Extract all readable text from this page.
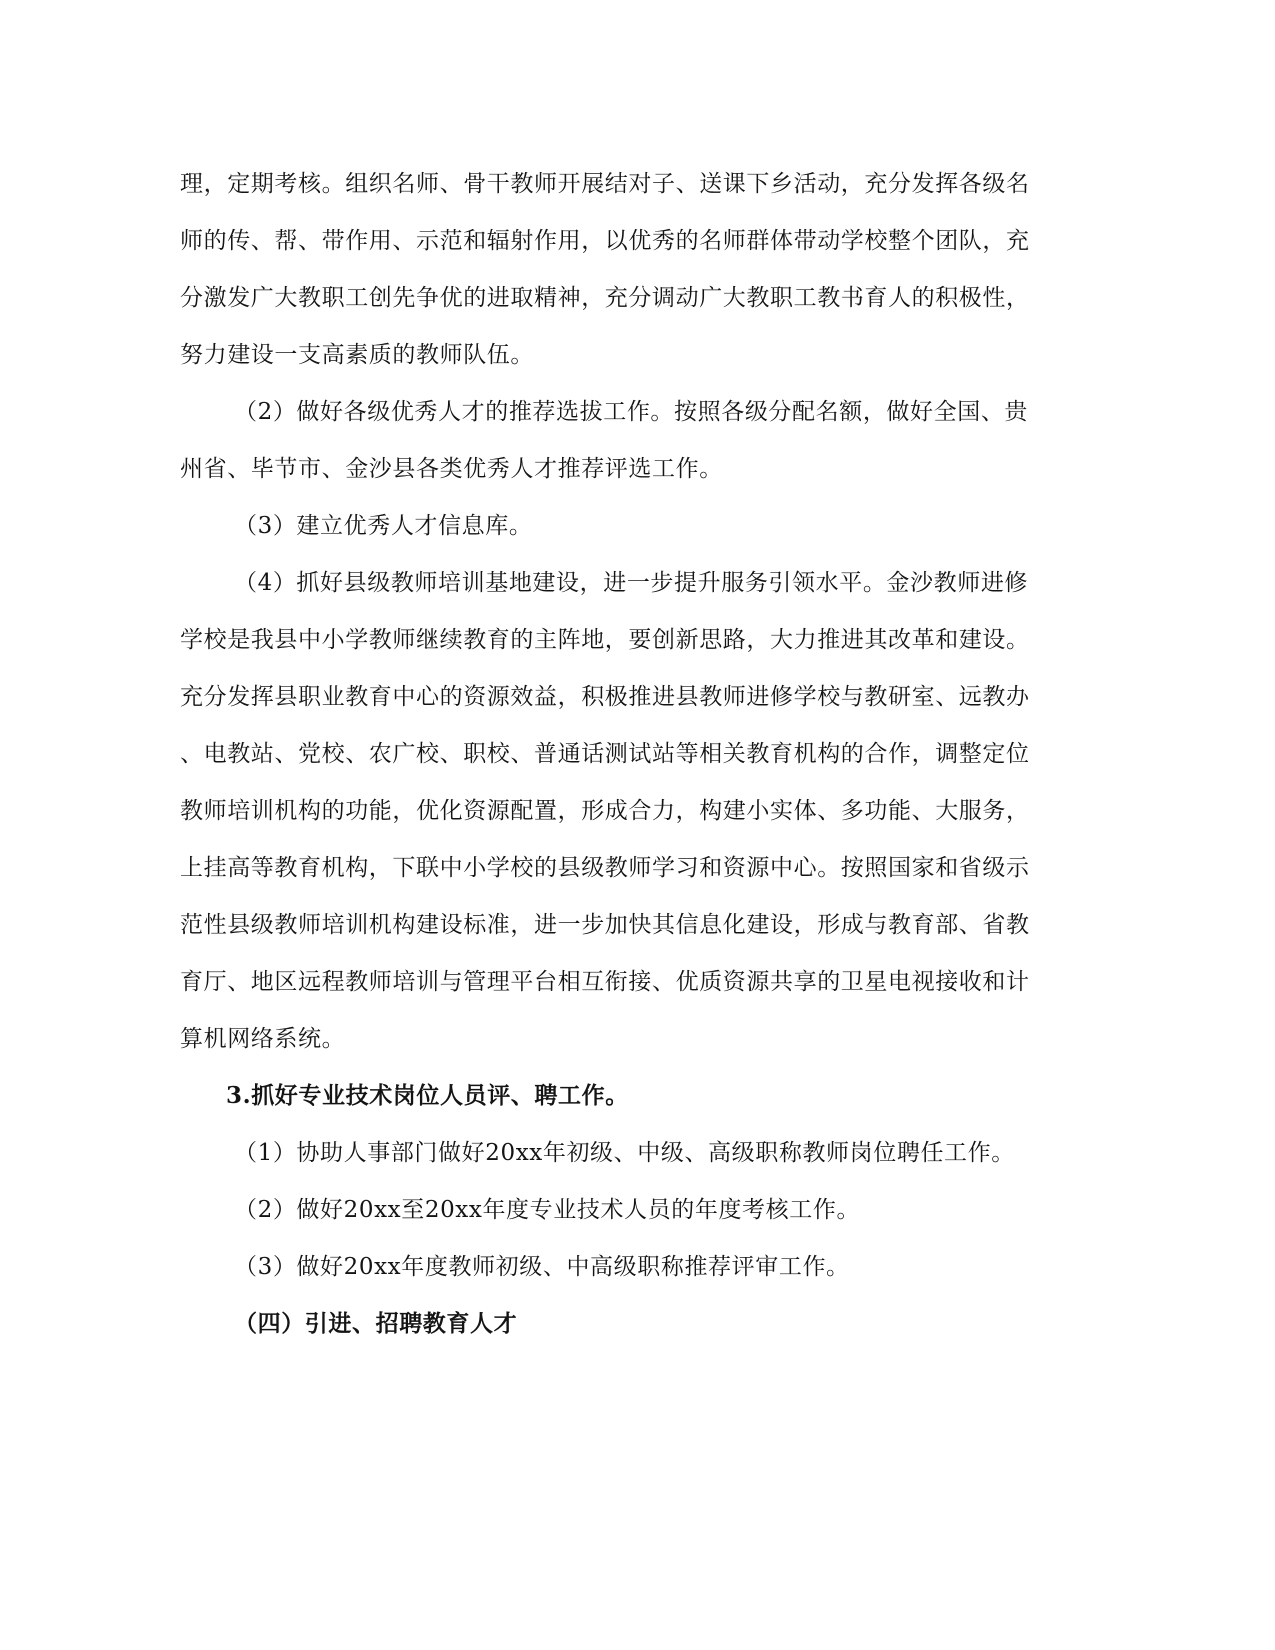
理，定期考核。组织名师、骨干教师开展结对子、送课下乡活动，充分发挥各级名
师的传、帮、带作用、示范和辐射作用，以优秀的名师群体带动学校整个团队，充
分激发广大教职工创先争优的进取精神，充分调动广大教职工教书育人的积极性，
努力建设一支高素质的教师队伍。
（2）做好各级优秀人才的推荐选拔工作。按照各级分配名额，做好全国、贵
州省、毕节市、金沙县各类优秀人才推荐评选工作。
（3）建立优秀人才信息库。
（4）抓好县级教师培训基地建设，进一步提升服务引领水平。金沙教师进修
学校是我县中小学教师继续教育的主阵地，要创新思路，大力推进其改革和建设。
充分发挥县职业教育中心的资源效益，积极推进县教师进修学校与教研室、远教办
、电教站、党校、农广校、职校、普通话测试站等相关教育机构的合作，调整定位
教师培训机构的功能，优化资源配置，形成合力，构建小实体、多功能、大服务，
上挂高等教育机构，下联中小学校的县级教师学习和资源中心。按照国家和省级示
范性县级教师培训机构建设标准，进一步加快其信息化建设，形成与教育部、省教
育厅、地区远程教师培训与管理平台相互衔接、优质资源共享的卫星电视接收和计
算机网络系统。
3.抓好专业技术岗位人员评、聘工作。
（1）协助人事部门做好20xx年初级、中级、高级职称教师岗位聘任工作。
（2）做好20xx至20xx年度专业技术人员的年度考核工作。
（3）做好20xx年度教师初级、中高级职称推荐评审工作。
（四）引进、招聘教育人才
